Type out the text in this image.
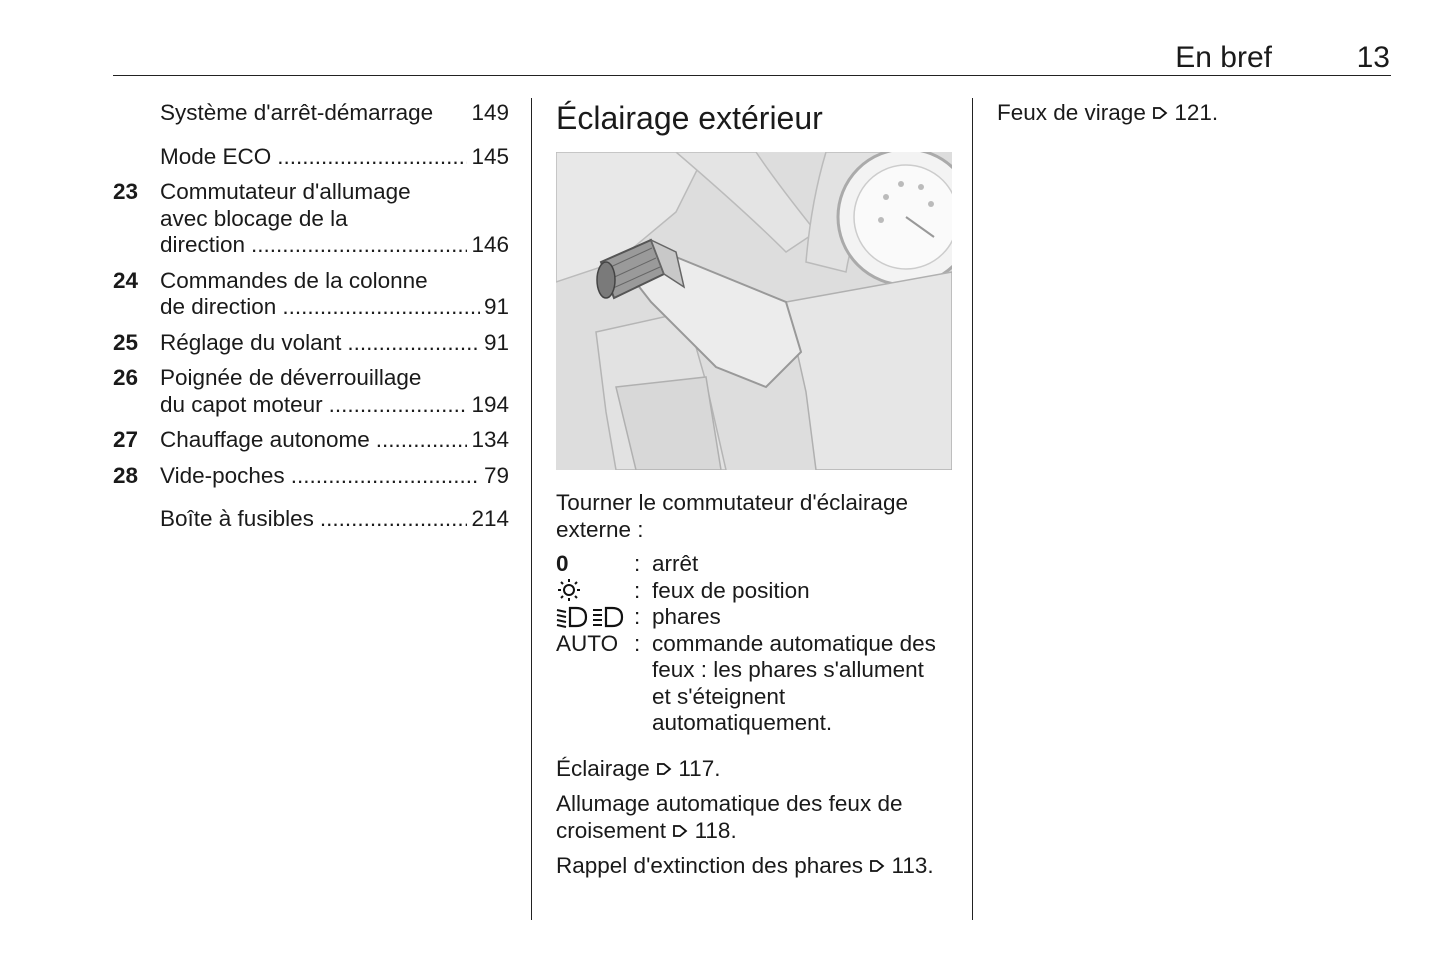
En bref	13
Système d'arrêt-démarrage 149
Mode ECO .....	145
23 Commutateur d'allumage
avec blocage de la
direction .....	146
24 Commandes de la colonne
de direction .....	91
25 Réglage du volant .....	91
26 Poignée de déverrouillage
du capot moteur .....	194
27 Chauffage autonome .....	134
28 Vide-poches .....	79
Boîte à fusibles .....	214
Éclairage extérieur
Tourner le commutateur d'éclairage externe :
0	: arrêt
: feux de position
: phares
AUTO : commande automatique des feux : les phares s'allument et s'éteignent automatiquement.
Éclairage 117.
Allumage automatique des feux de croisement 118.
Rappel d'extinction des phares 113.
Feux de virage 121.
